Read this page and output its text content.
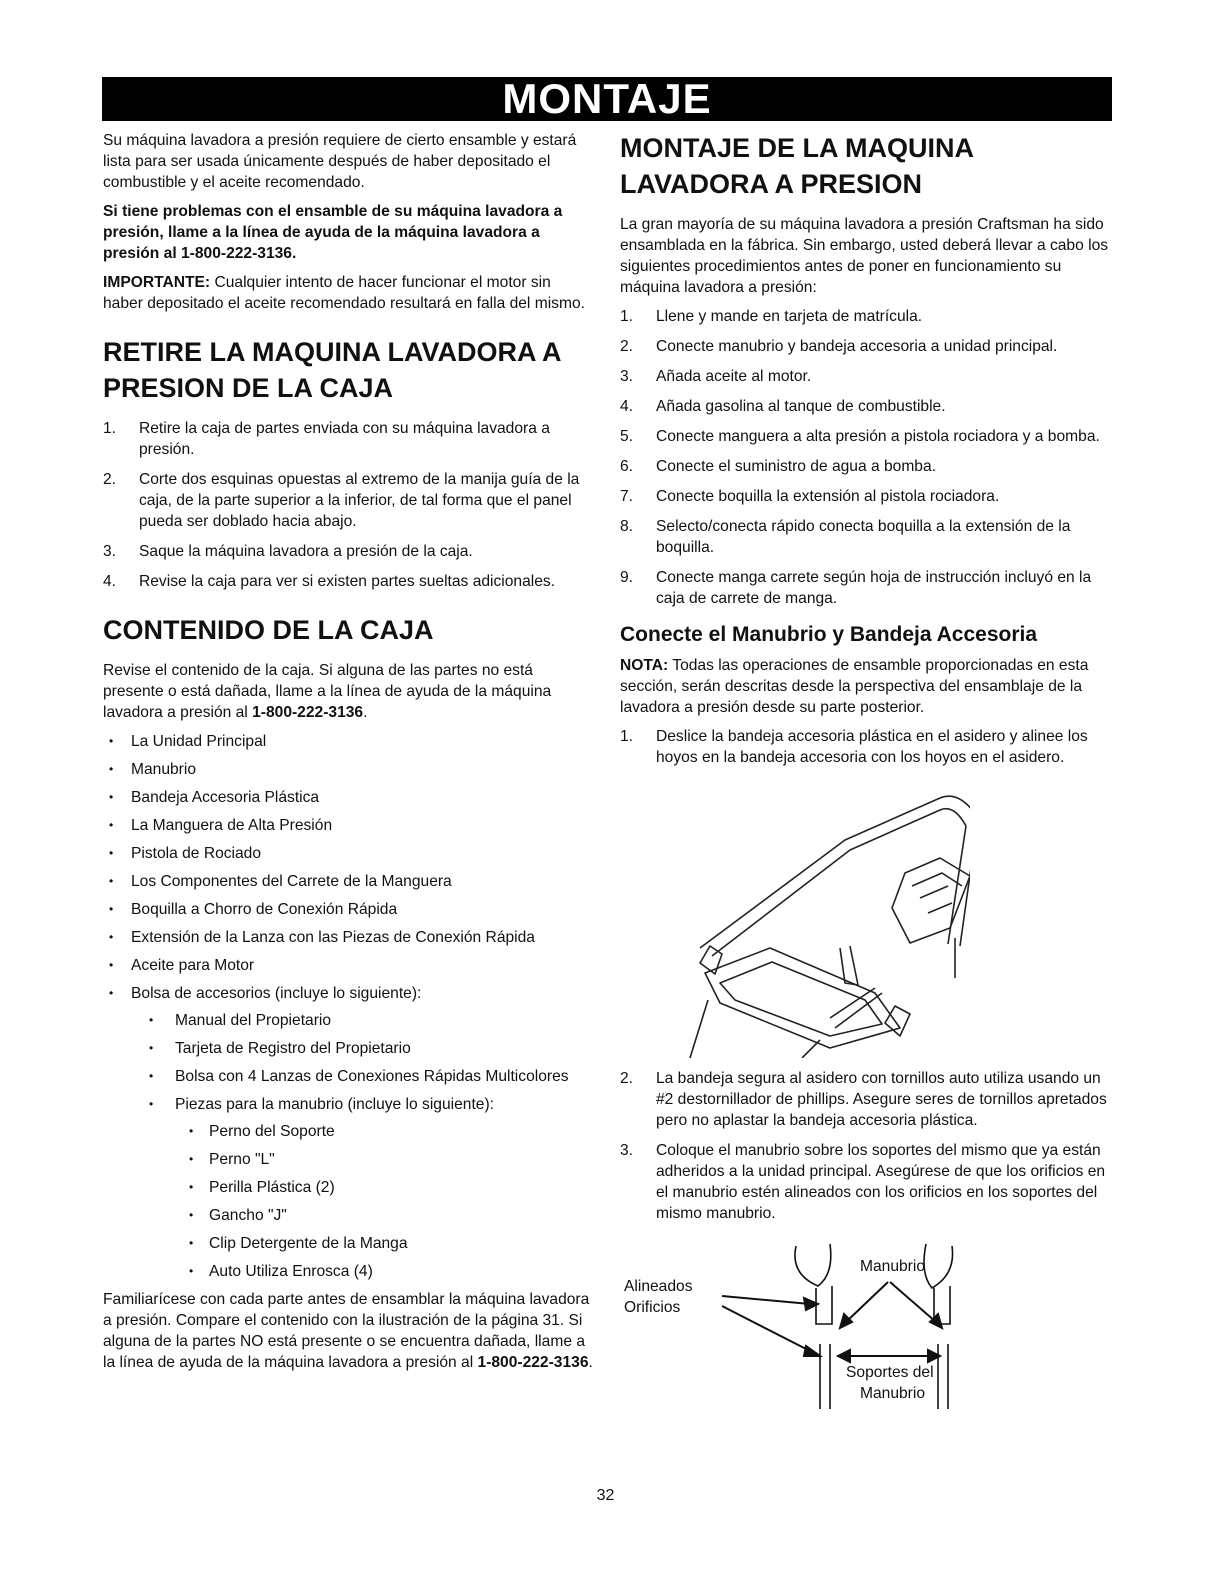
MONTAJE

Su máquina lavadora a presión requiere de cierto ensamble y estará lista para ser usada únicamente después de haber depositado el combustible y el aceite recomendado.

Si tiene problemas con el ensamble de su máquina lavadora a presión, llame a la línea de ayuda de la máquina lavadora a presión al 1-800-222-3136.

IMPORTANTE: Cualquier intento de hacer funcionar el motor sin haber depositado el aceite recomendado resultará en falla del mismo.

RETIRE LA MAQUINA LAVADORA A PRESION DE LA CAJA
1. Retire la caja de partes enviada con su máquina lavadora a presión.
2. Corte dos esquinas opuestas al extremo de la manija guía de la caja, de la parte superior a la inferior, de tal forma que el panel pueda ser doblado hacia abajo.
3. Saque la máquina lavadora a presión de la caja.
4. Revise la caja para ver si existen partes sueltas adicionales.
CONTENIDO DE LA CAJA

Revise el contenido de la caja. Si alguna de las partes no está presente o está dañada, llame a la línea de ayuda de la máquina lavadora a presión al 1-800-222-3136.

• La Unidad Principal
• Manubrio
• Bandeja Accesoria Plástica
• La Manguera de Alta Presión
• Pistola de Rociado
• Los Componentes del Carrete de la Manguera
• Boquilla a Chorro de Conexión Rápida
• Extensión de la Lanza con las Piezas de Conexión Rápida
• Aceite para Motor
• Bolsa de accesorios (incluye lo siguiente):
• Manual del Propietario
• Tarjeta de Registro del Propietario
• Bolsa con 4 Lanzas de Conexiones Rápidas Multicolores
• Piezas para la manubrio (incluye lo siguiente):
• Perno del Soporte
• Perno "L"
• Perilla Plástica (2)
• Gancho "J"
• Clip Detergente de la Manga
• Auto Utiliza Enrosca (4)

Familiarícese con cada parte antes de ensamblar la máquina lavadora a presión. Compare el contenido con la ilustración de la página 31. Si alguna de la partes NO está presente o se encuentra dañada, llame a la línea de ayuda de la máquina lavadora a presión al 1-800-222-3136.

MONTAJE DE LA MAQUINA LAVADORA A PRESION

La gran mayoría de su máquina lavadora a presión Craftsman ha sido ensamblada en la fábrica. Sin embargo, usted deberá llevar a cabo los siguientes procedimientos antes de poner en funcionamiento su máquina lavadora a presión:

1. Llene y mande en tarjeta de matrícula.
2. Conecte manubrio y bandeja accesoria a unidad principal.
3. Añada aceite al motor.
4. Añada gasolina al tanque de combustible.
5. Conecte manguera a alta presión a pistola rociadora y a bomba.
6. Conecte el suministro de agua a bomba.
7. Conecte boquilla la extensión al pistola rociadora.
8. Selecto/conecta rápido conecta boquilla a la extensión de la boquilla.
9. Conecte manga carrete según hoja de instrucción incluyó en la caja de carrete de manga.
Conecte el Manubrio y Bandeja Accesoria

NOTA: Todas las operaciones de ensamble proporcionadas en esta sección, serán descritas desde la perspectiva del ensamblaje de la lavadora a presión desde su parte posterior.

1. Deslice la bandeja accesoria plástica en el asidero y alinee los hoyos en la bandeja accesoria con los hoyos en el asidero.
2. La bandeja segura al asidero con tornillos auto utiliza usando un #2 destornillador de phillips. Asegure seres de tornillos apretados pero no aplastar la bandeja accesoria plástica.
3. Coloque el manubrio sobre los soportes del mismo que ya están adheridos a la unidad principal. Asegúrese de que los orificios en el manubrio estén alineados con los orificios en los soportes del mismo manubrio.
Alineados
Orificios
Manubrio
Soportes del
Manubrio
32
